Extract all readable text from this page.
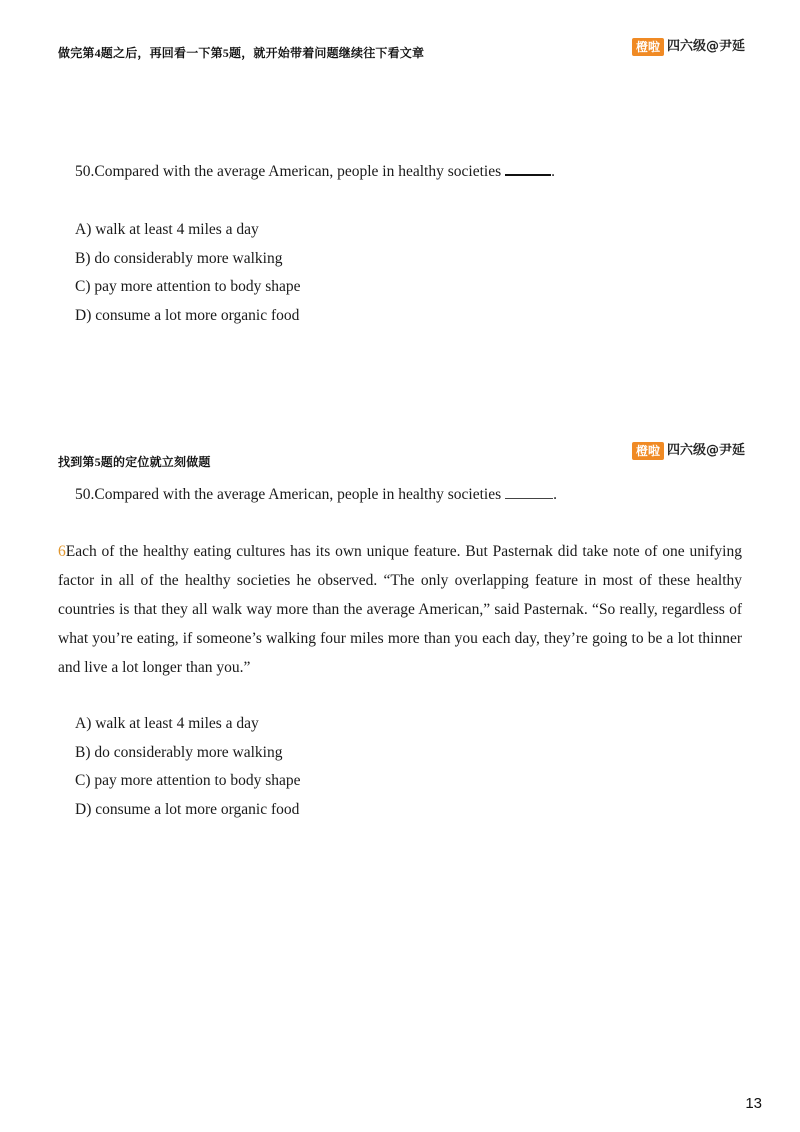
做完第4题之后，再回看一下第5题，就开始带着问题继续往下看文章	橙啦 四六级@尹延
50.Compared with the average American, people in healthy societies	.
A) walk at least 4 miles a day
B) do considerably more walking
C) pay more attention to body shape
D) consume a lot more organic food
找到第5题的定位就立刻做题
橙啦 四六级@尹延
50.Compared with the average American, people in healthy societies	.
6Each of the healthy eating cultures has its own unique feature. But Pasternak did take note of one unifying factor in all of the healthy societies he observed. “The only overlapping feature in most of these healthy countries is that they all walk way more than the average American,” said Pasternak. “So really, regardless of what you’re eating, if someone’s walking four miles more than you each day, they’re going to be a lot thinner and live a lot longer than you.”
A) walk at least 4 miles a day
B) do considerably more walking
C) pay more attention to body shape
D) consume a lot more organic food
13
